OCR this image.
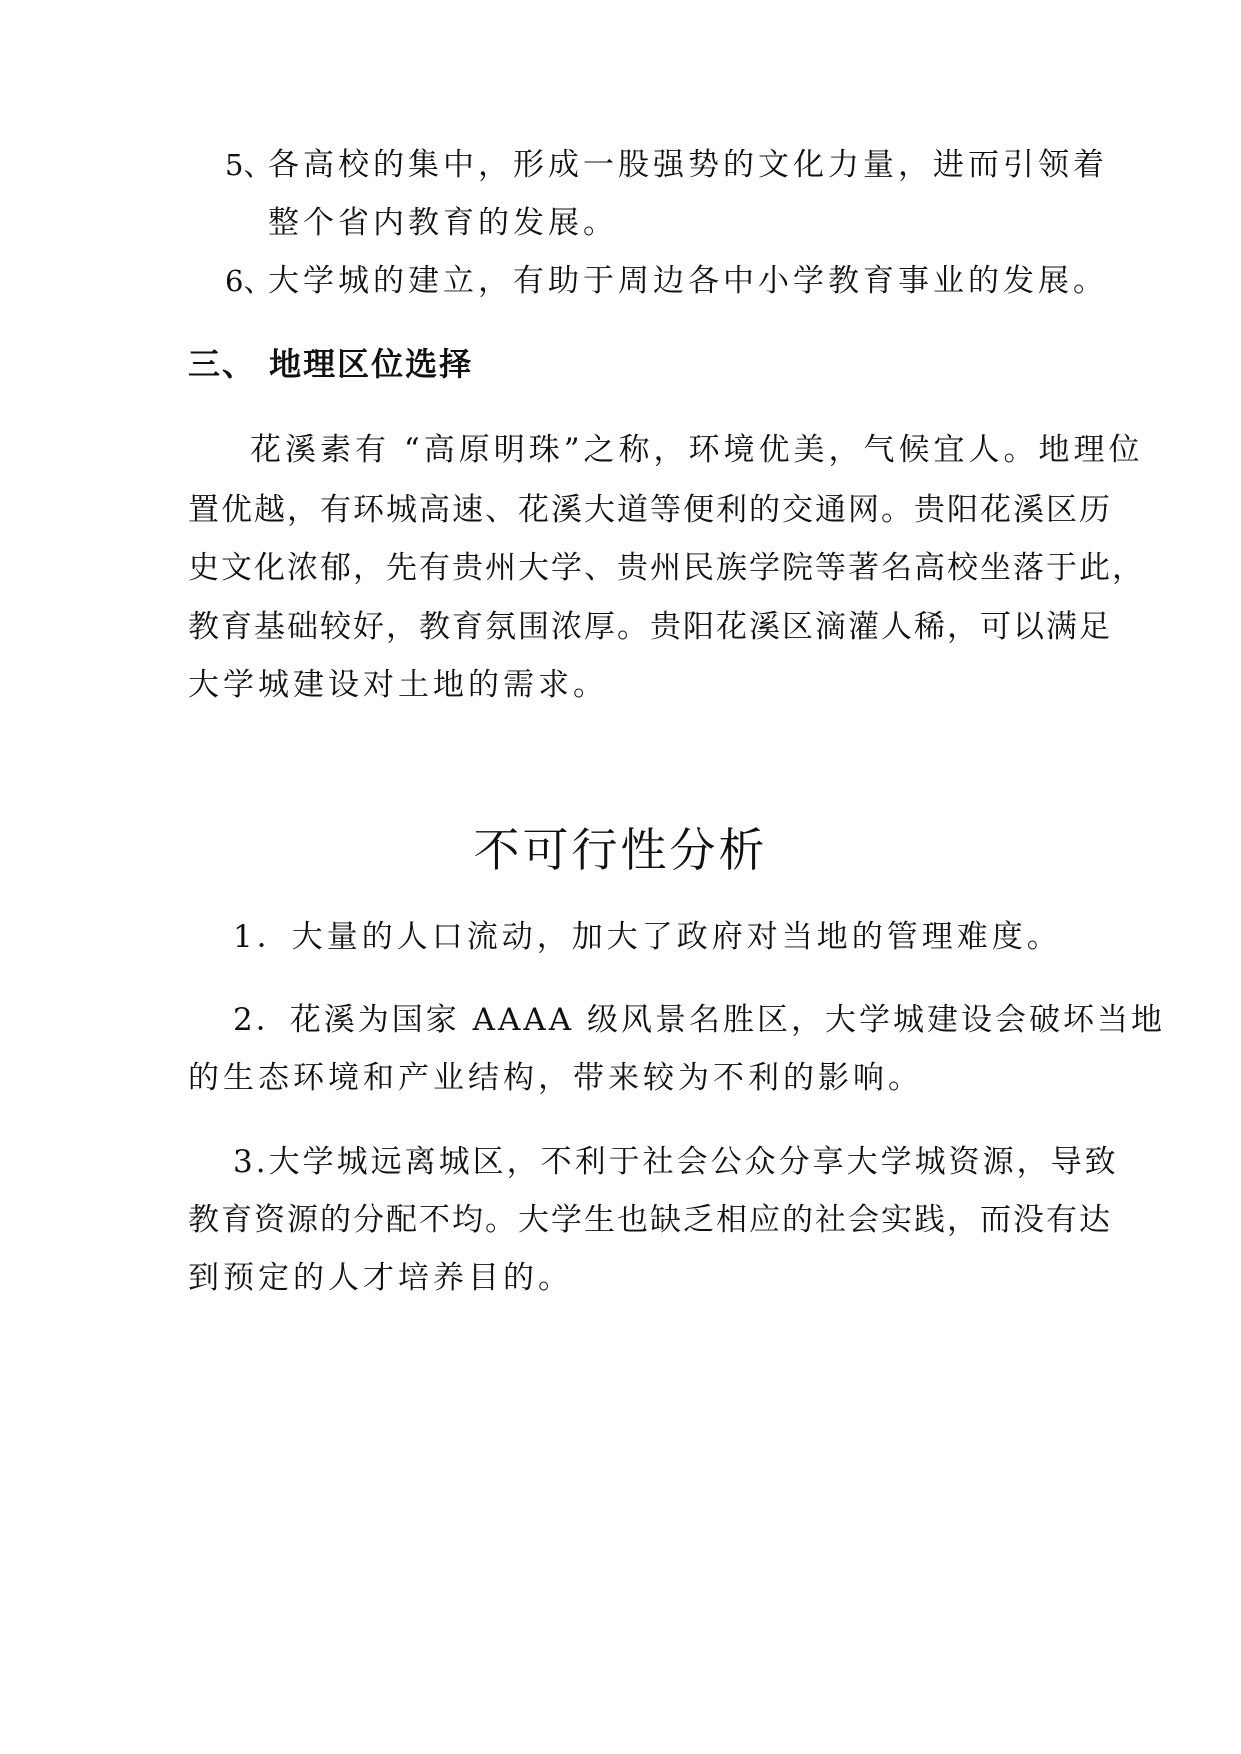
5、
各高校的集中，形成一股强势的文化力量，进而引领着
整个省内教育的发展。
6、
大学城的建立，有助于周边各中小学教育事业的发展。
三、 地理区位选择
花溪素有 “高原明珠”之称，环境优美，气候宜人。地理位
置优越，有环城高速、花溪大道等便利的交通网。贵阳花溪区历
史文化浓郁，先有贵州大学、贵州民族学院等著名高校坐落于此，
教育基础较好，教育氛围浓厚。贵阳花溪区滴灌人稀，可以满足
大学城建设对土地的需求。
不可行性分析
1．大量的人口流动，加大了政府对当地的管理难度。
2．花溪为国家 AAAA 级风景名胜区，大学城建设会破坏当地
的生态环境和产业结构，带来较为不利的影响。
3.大学城远离城区，不利于社会公众分享大学城资源，导致
教育资源的分配不均。大学生也缺乏相应的社会实践，而没有达
到预定的人才培养目的。
